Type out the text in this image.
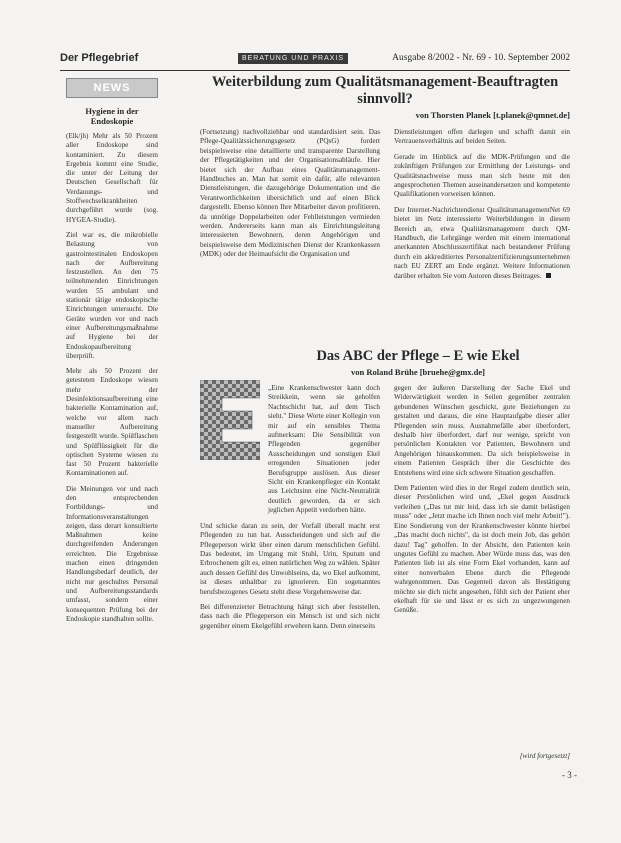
Der Pflegebrief	BERATUNG UND PRAXIS	Ausgabe 8/2002 - Nr. 69 - 10. September 2002
NEWS
Hygiene in der Endoskopie

(Elk/jh) Mehr als 50 Prozent aller Endoskope sind kontaminiert. Zu diesem Ergebnis kommt eine Studie, die unter der Leitung der Deutschen Gesellschaft für Verdauungs- und Stoffwechselkrankheiten durchgeführt wurde (sog. HYGEA-Studie).

Ziel war es, die mikrobielle Belastung von gastrointestinalen Endoskopen nach der Aufbereitung festzustellen. An den 75 teilnehmenden Einrichtungen wurden 55 ambulant und stationär tätige endoskopische Einrichtungen untersucht. Die Geräte wurden vor und nach einer Aufbereitungsmaßnahme auf Hygiene bei der Endoskopaufbereitung überprüft.

Mehr als 50 Prozent der getesteten Endoskope wiesen mehr der Desinfektionsaufbereitung eine bakterielle Kontamination auf, welche vor allem nach manueller Aufbereitung festgestellt wurde. Spülflaschen und Spülflüssigkeit für die optischen Systeme wiesen zu fast 50 Prozent bakterielle Kontaminationen auf.

Die Meinungen vor und nach den entsprechenden Fortbildungs- und Informationsveranstaltungen zeigen, dass derart konsultierte Maßnahmen keine durchgreifenden Änderungen erreichten. Die Ergebnisse machen einen dringenden Handlungsbedarf deutlich, der nicht nur geschultes Personal und Aufbereitungsstandards umfasst, sondern einer konsequenten Prüfung bei der Endoskopie standhalten sollte.

Weiterbildung zum Qualitätsmanagement-Beauftragten sinnvoll?
von Thorsten Planek [t.planek@qmnet.de]

(Fortsetzung) nachvollziehbar und standardisiert sein. Das Pflege-Qualitätssicherungsgesetz (PQsG) fordert beispielsweise eine detaillierte und transparente Darstellung der Pflegetätigkeiten und der Organisationsabläufe. Hier bietet sich der Aufbau eines Qualitätsmanagement-Handbuches an. Man hat somit ein dafür, alle relevanten Dienstleistungen, die dazugehörige Dokumentation und die Verantwortlichkeiten übersichtlich und auf einen Blick dargestellt. Ebenso können Ihre Mitarbeiter davon profitieren, da unnötige Doppelarbeiten oder Fehlleistungen vermieden werden. Andererseits kann man als Einrichtungsleitung interessierten Bewohnern, deren Angehörigen und beispielsweise dem Medizinischen Dienst der Krankenkassen (MDK) oder der Heimaufsicht die Organisation und

Dienstleistungen offen darlegen und schafft damit ein Vertrauensverhältnis auf beiden Seiten.

Gerade im Hinblick auf die MDK-Prüfungen und die zukünftigen Prüfungen zur Ermittlung der Leistungs- und Qualitätsnachweise muss man sich heute mit den angesprochenen Themen auseinandersetzen und kompetente Qualifikationen vorweisen können.

Der Internet-Nachrichtendienst QualitätsmanagementNet 69 bietet im Netz interessierte Weiterbildungen in diesem Bereich an, etwa Qualitätsmanagement durch QM-Handbuch, die Lehrgänge werden mit einem international anerkannten Abschlusszertifikat nach bestandener Prüfung durch ein akkreditiertes Personalzertifizierungsunternehmen nach EU ZERT am Ende ergänzt. Weitere Informationen darüber erhalten Sie vom Autoren dieses Beitrages.

Das ABC der Pflege – E wie Ekel
von Roland Brühe [bruehe@gmx.de]

„Eine Krankenschwester kann doch Streikkein, wenn sie geholfen Nachtschicht hat, auf dem Tisch sieht." Diese Worte einer Kollegin von mir auf ein sensibles Thema aufmerksam: Die Sensibilität von Pflegenden gegenüber Ausscheidungen und sonstigen Ekel erregenden Situationen jeder Berufsgruppe auslösen. Aus dieser Sicht ein Krankenpfleger ein Kontakt aus Leichtsinn eine Nicht-Neutralität deutlich geworden, da er sich jeglichen Appetit verdorben hätte.

Und schicke daran zu sein, der Vorfall überall macht erst Pflegenden zu tun hat. Ausscheidungen und sich auf die Pflegeperson wirkt über einen darum menschlichen Gefühl. Das bedeutet, im Umgang mit Stuhl, Urin, Sputum und Erbrochenem gilt es, einen natürlichen Weg zu wählen. Später auch dessen Gefühl des Unwohlseins, da, wo Ekel aufkommt, ist dieses unhaltbar zu ignorieren. Ein sogenanntes berufsbezogenes Gesetz steht diese Vorgehensweise dar.

Bei differenzierter Betrachtung hängt sich aber feststellen, dass nach die Pflegeperson ein Mensch ist und sich nicht gegenüber einem Ekelgefühl erwehren kann. Denn einerseits

gegen der äußeren Darstellung der Sache Ekel und Widerwärtigkeit werden in Seilen gegenüber zentralen gebundenen Wünschen geschickt, gute Beziehungen zu gestalten und daraus, die eine Hauptaufgabe dieser aller Pflegenden sein muss. Ausnahmefälle aber überfordert, deshalb hier überfordert, darf nur wenige, spricht von persönlichen Kontakten vor Patienten, Bewohnern und Angehörigen hinauskommen. Da sich beispielsweise in einem Patienten Gespräch über die Geschichte des Entstehens wird eine sich schwere Situation geschaffen.

Dem Patienten wird dies in der Regel zudem deutlich sein, dieser Persönlichen wird und, „Ekel gegen Ausdruck verleihen („Das tut mir leid, dass ich sie damit belästigen muss" oder „Jetzt mache ich Ihnen noch viel mehr Arbeit!"). Eine Sondierung von der Krankenschwester könnte hierbei „Das macht doch nichts", da ist doch mein Job, das gehört dazu! Tag" geholfen. In der Absicht, den Patienten kein ungutes Gefühl zu machen. Aber Würde muss das, was den Patienten lieb ist als eine Form Ekel vorhanden, kann auf einer nonverbalen Ebene durch die Pflegende wahrgenommen. Das Gegenteil davon als Bestätigung möchte sie dich nicht angesehen, fühlt sich der Patient eher ekelhaft für sie und lässt er es sich zu ungezwungenen Genüße.

[wird fortgesetzt]
- 3 -
